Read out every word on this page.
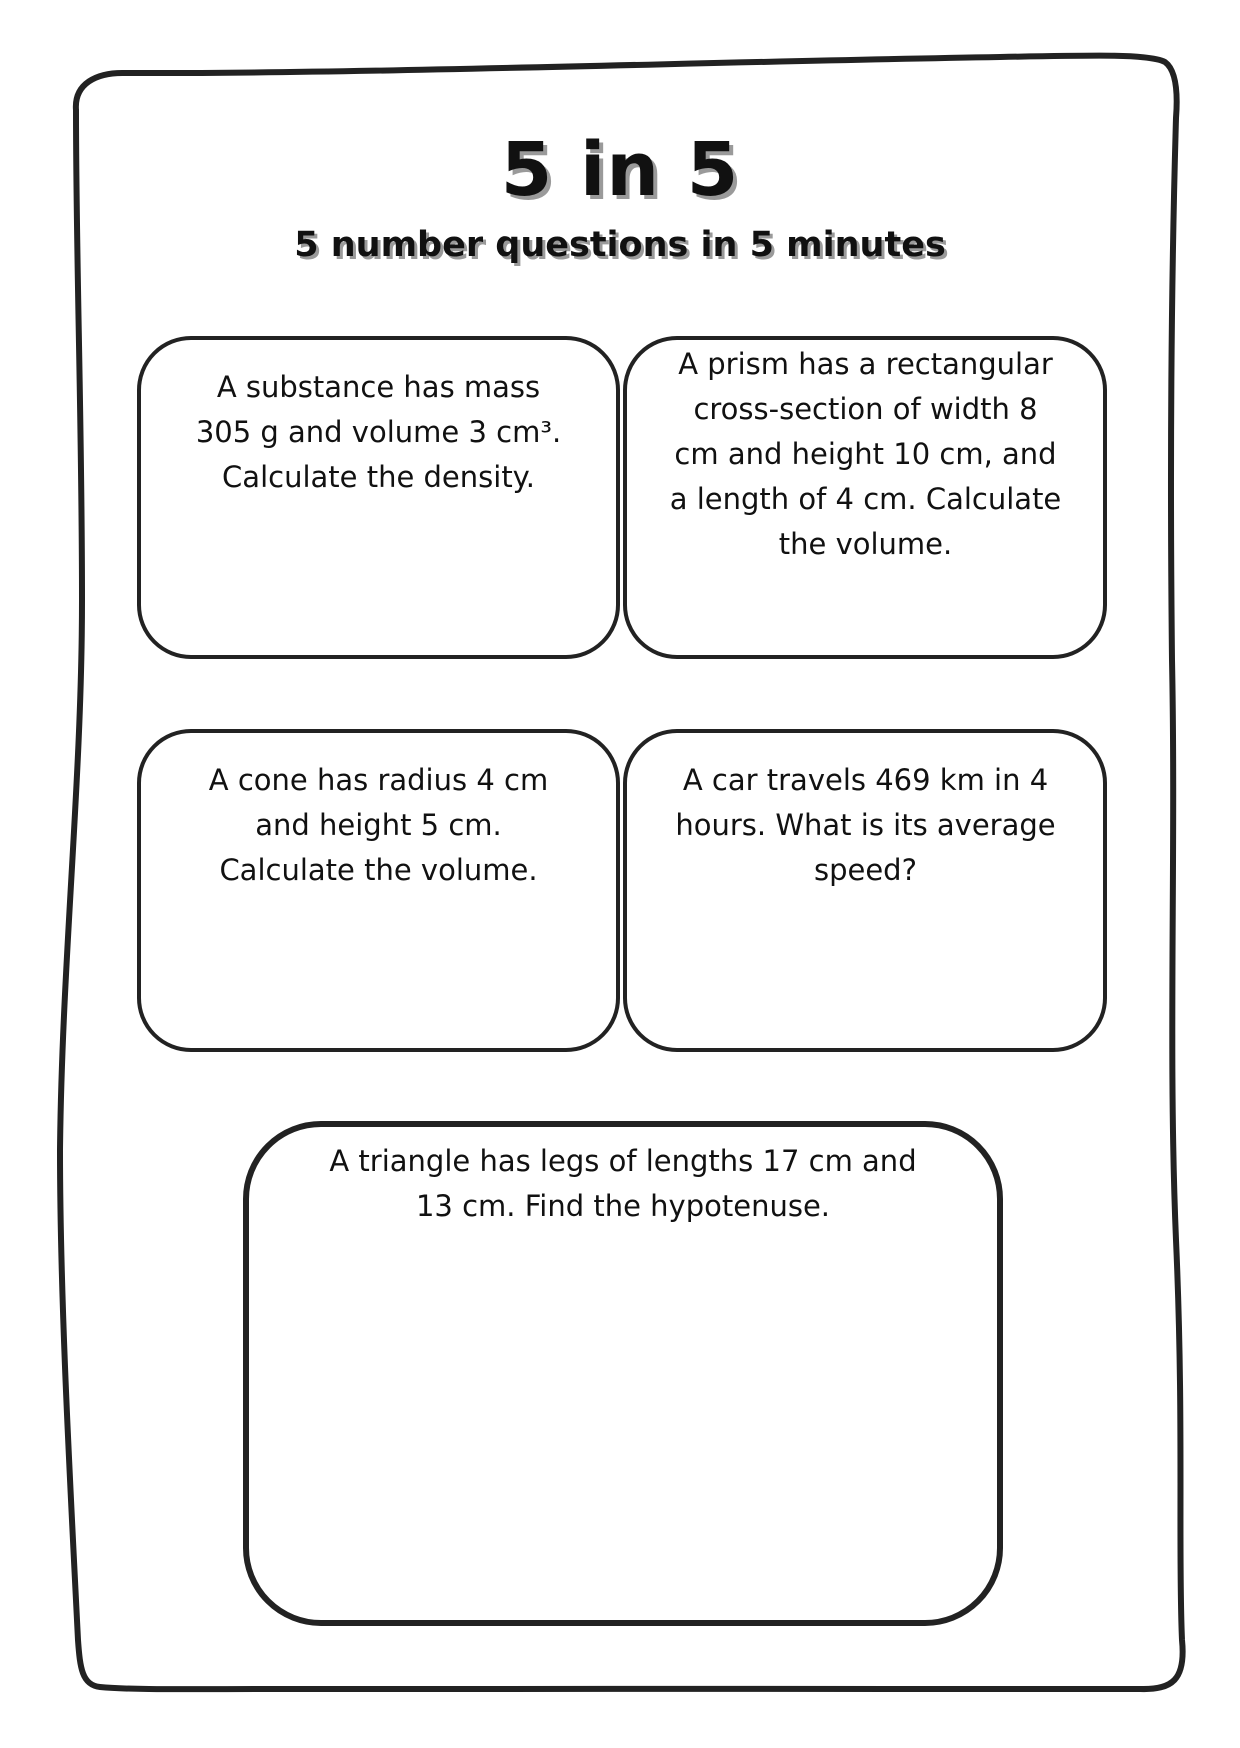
5 in 5
5 number questions in 5 minutes
A substance has mass 305 g and volume 3 cm³. Calculate the density.
A prism has a rectangular cross-section of width 8 cm and height 10 cm, and a length of 4 cm. Calculate the volume.
A cone has radius 4 cm and height 5 cm. Calculate the volume.
A car travels 469 km in 4 hours. What is its average speed?
A triangle has legs of lengths 17 cm and 13 cm. Find the hypotenuse.
